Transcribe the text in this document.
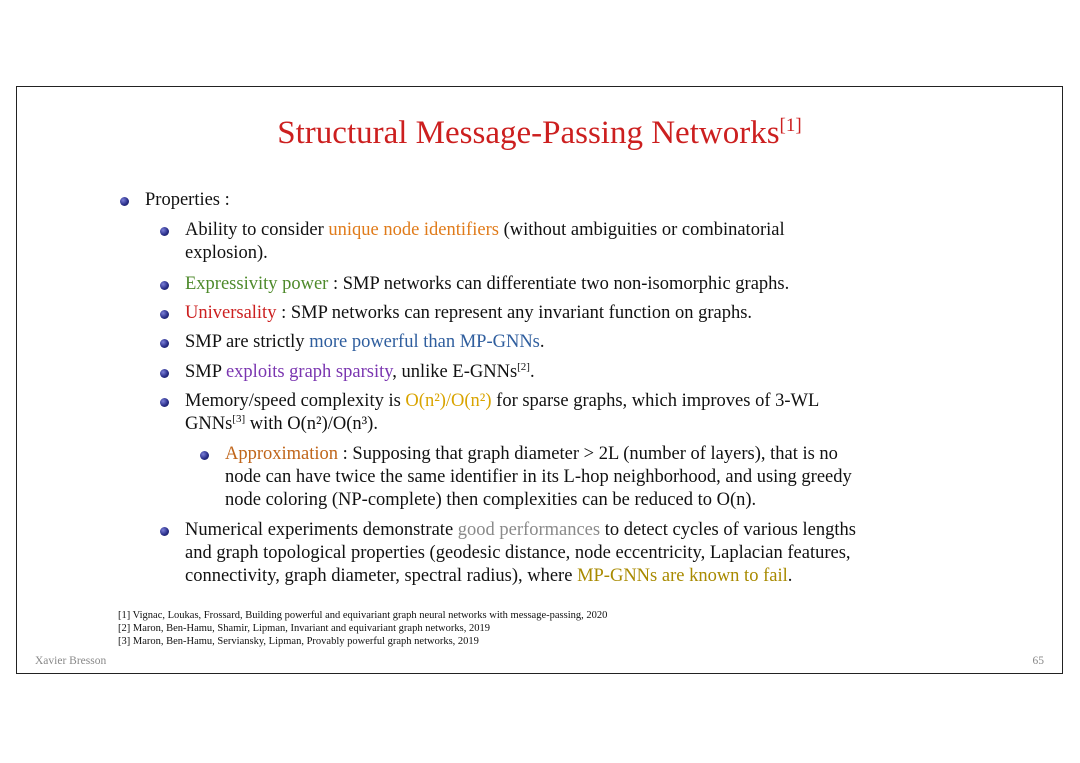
Structural Message-Passing Networks[1]
Properties :
Ability to consider unique node identifiers (without ambiguities or combinatorial
explosion).
Expressivity power : SMP networks can differentiate two non-isomorphic graphs.
Universality : SMP networks can represent any invariant function on graphs.
SMP are strictly more powerful than MP-GNNs.
SMP exploits graph sparsity, unlike E-GNNs[2].
Memory/speed complexity is O(n²)/O(n²) for sparse graphs, which improves of 3-WL
GNNs[3] with O(n²)/O(n³).
Approximation : Supposing that graph diameter > 2L (number of layers), that is no
node can have twice the same identifier in its L-hop neighborhood, and using greedy
node coloring (NP-complete) then complexities can be reduced to O(n).
Numerical experiments demonstrate good performances to detect cycles of various lengths
and graph topological properties (geodesic distance, node eccentricity, Laplacian features,
connectivity, graph diameter, spectral radius), where MP-GNNs are known to fail.
[1] Vignac, Loukas, Frossard, Building powerful and equivariant graph neural networks with message-passing, 2020
[2] Maron, Ben-Hamu, Shamir, Lipman, Invariant and equivariant graph networks, 2019
[3] Maron, Ben-Hamu, Serviansky, Lipman, Provably powerful graph networks, 2019
Xavier Bresson	65
